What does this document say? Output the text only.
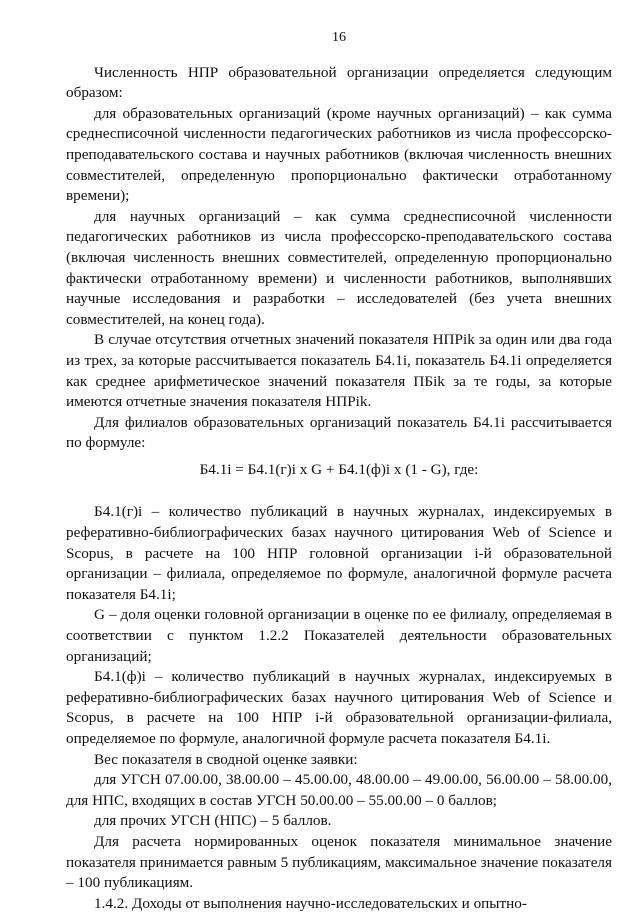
16

Численность НПР образовательной организации определяется следующим образом:

для образовательных организаций (кроме научных организаций) – как сумма среднесписочной численности педагогических работников из числа профессорско-преподавательского состава и научных работников (включая численность внешних совместителей, определенную пропорционально фактически отработанному времени);

для научных организаций – как сумма среднесписочной численности педагогических работников из числа профессорско-преподавательского состава (включая численность внешних совместителей, определенную пропорционально фактически отработанному времени) и численности работников, выполнявших научные исследования и разработки – исследователей (без учета внешних совместителей, на конец года).

В случае отсутствия отчетных значений показателя НПРik за один или два года из трех, за которые рассчитывается показатель Б4.1i, показатель Б4.1i определяется как среднее арифметическое значений показателя ПБik за те годы, за которые имеются отчетные значения показателя НПРik.

Для филиалов образовательных организаций показатель Б4.1i рассчитывается по формуле:

Б4.1i = Б4.1(г)i x G + Б4.1(ф)i x (1 - G), где:

Б4.1(г)i – количество публикаций в научных журналах, индексируемых в реферативно-библиографических базах научного цитирования Web of Science и Scopus, в расчете на 100 НПР головной организации i-й образовательной организации – филиала, определяемое по формуле, аналогичной формуле расчета показателя Б4.1i;

G – доля оценки головной организации в оценке по ее филиалу, определяемая в соответствии с пунктом 1.2.2 Показателей деятельности образовательных организаций;

Б4.1(ф)i – количество публикаций в научных журналах, индексируемых в реферативно-библиографических базах научного цитирования Web of Science и Scopus, в расчете на 100 НПР i-й образовательной организации-филиала, определяемое по формуле, аналогичной формуле расчета показателя Б4.1i.

Вес показателя в сводной оценке заявки:

для УГСН 07.00.00, 38.00.00 – 45.00.00, 48.00.00 – 49.00.00, 56.00.00 – 58.00.00, для НПС, входящих в состав УГСН 50.00.00 – 55.00.00 – 0 баллов;

для прочих УГСН (НПС) – 5 баллов.

Для расчета нормированных оценок показателя минимальное значение показателя принимается равным 5 публикациям, максимальное значение показателя – 100 публикациям.

1.4.2. Доходы от выполнения научно-исследовательских и опытно-
